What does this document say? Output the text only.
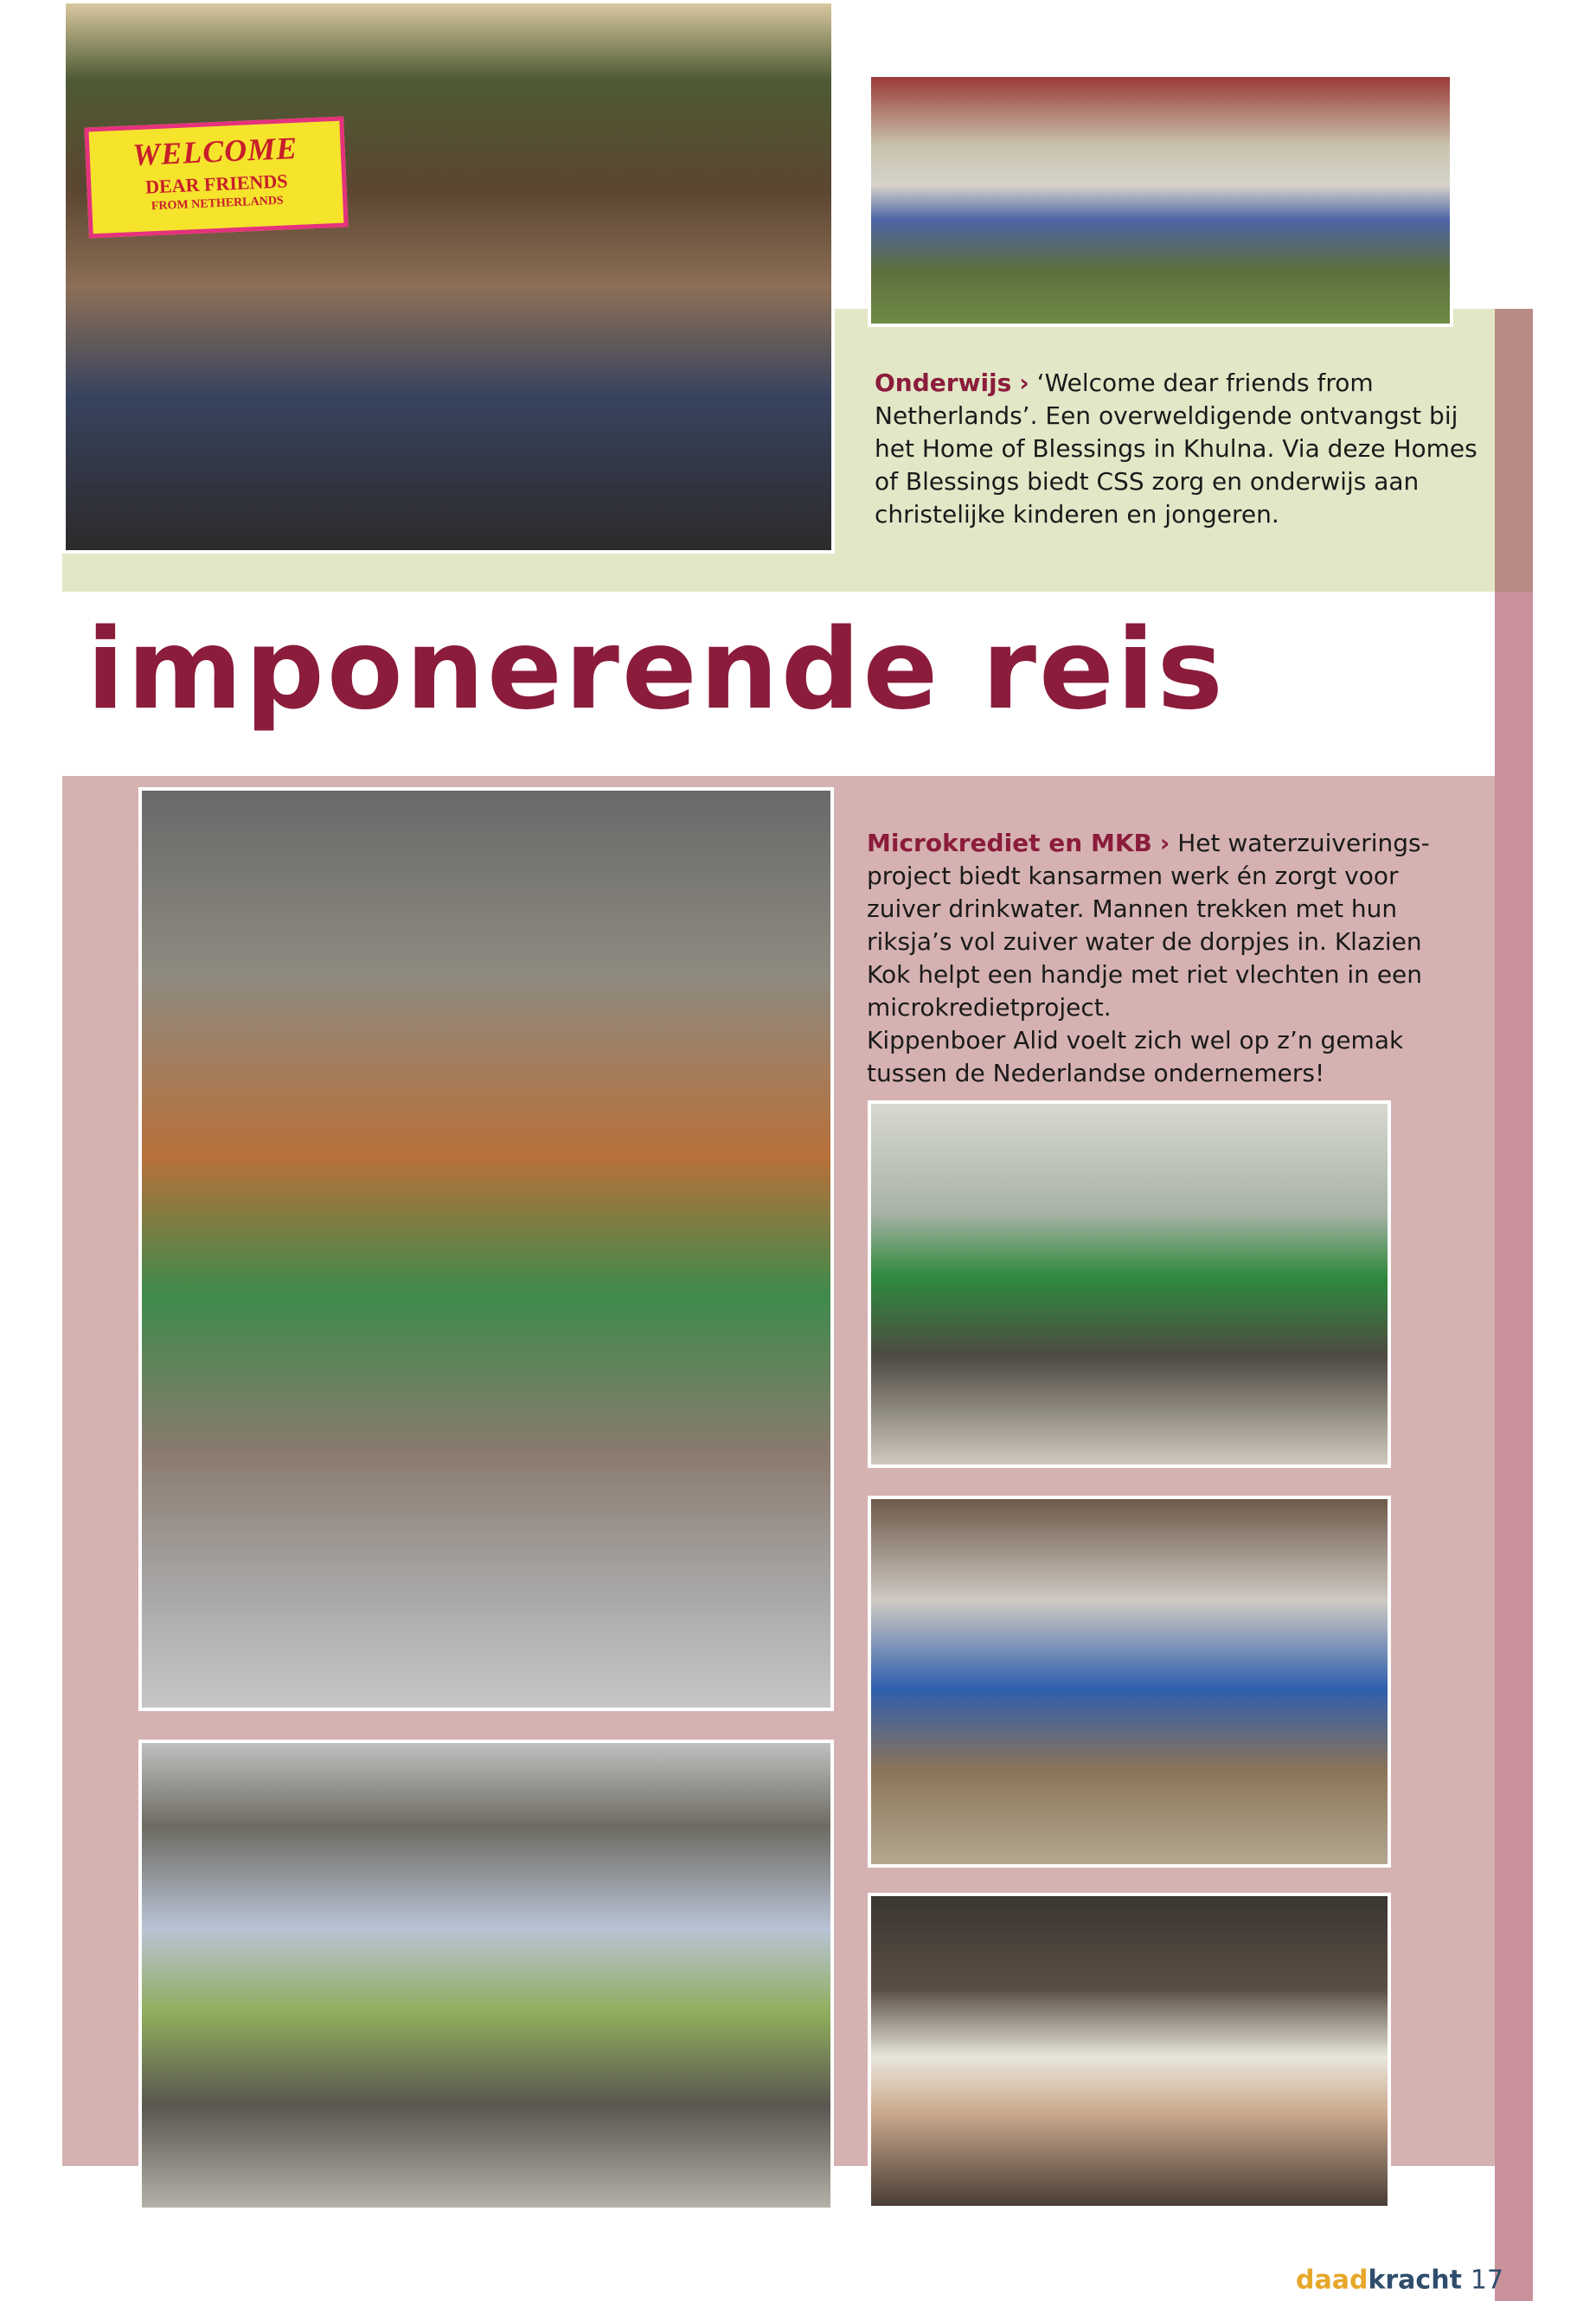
WELCOME
DEAR FRIENDS
FROM NETHERLANDS
Onderwijs › ‘Welcome dear friends from
Netherlands’. Een overweldigende ontvangst bij
het Home of Blessings in Khulna. Via deze Homes
of Blessings biedt CSS zorg en onderwijs aan
christelijke kinderen en jongeren.
imponerende reis
Microkrediet en MKB › Het waterzuiverings-
project biedt kansarmen werk én zorgt voor
zuiver drinkwater. Mannen trekken met hun
riksja’s vol zuiver water de dorpjes in. Klazien
Kok helpt een handje met riet vlechten in een
microkredietproject.
Kippenboer Alid voelt zich wel op z’n gemak
tussen de Nederlandse ondernemers!
daadkracht 17
